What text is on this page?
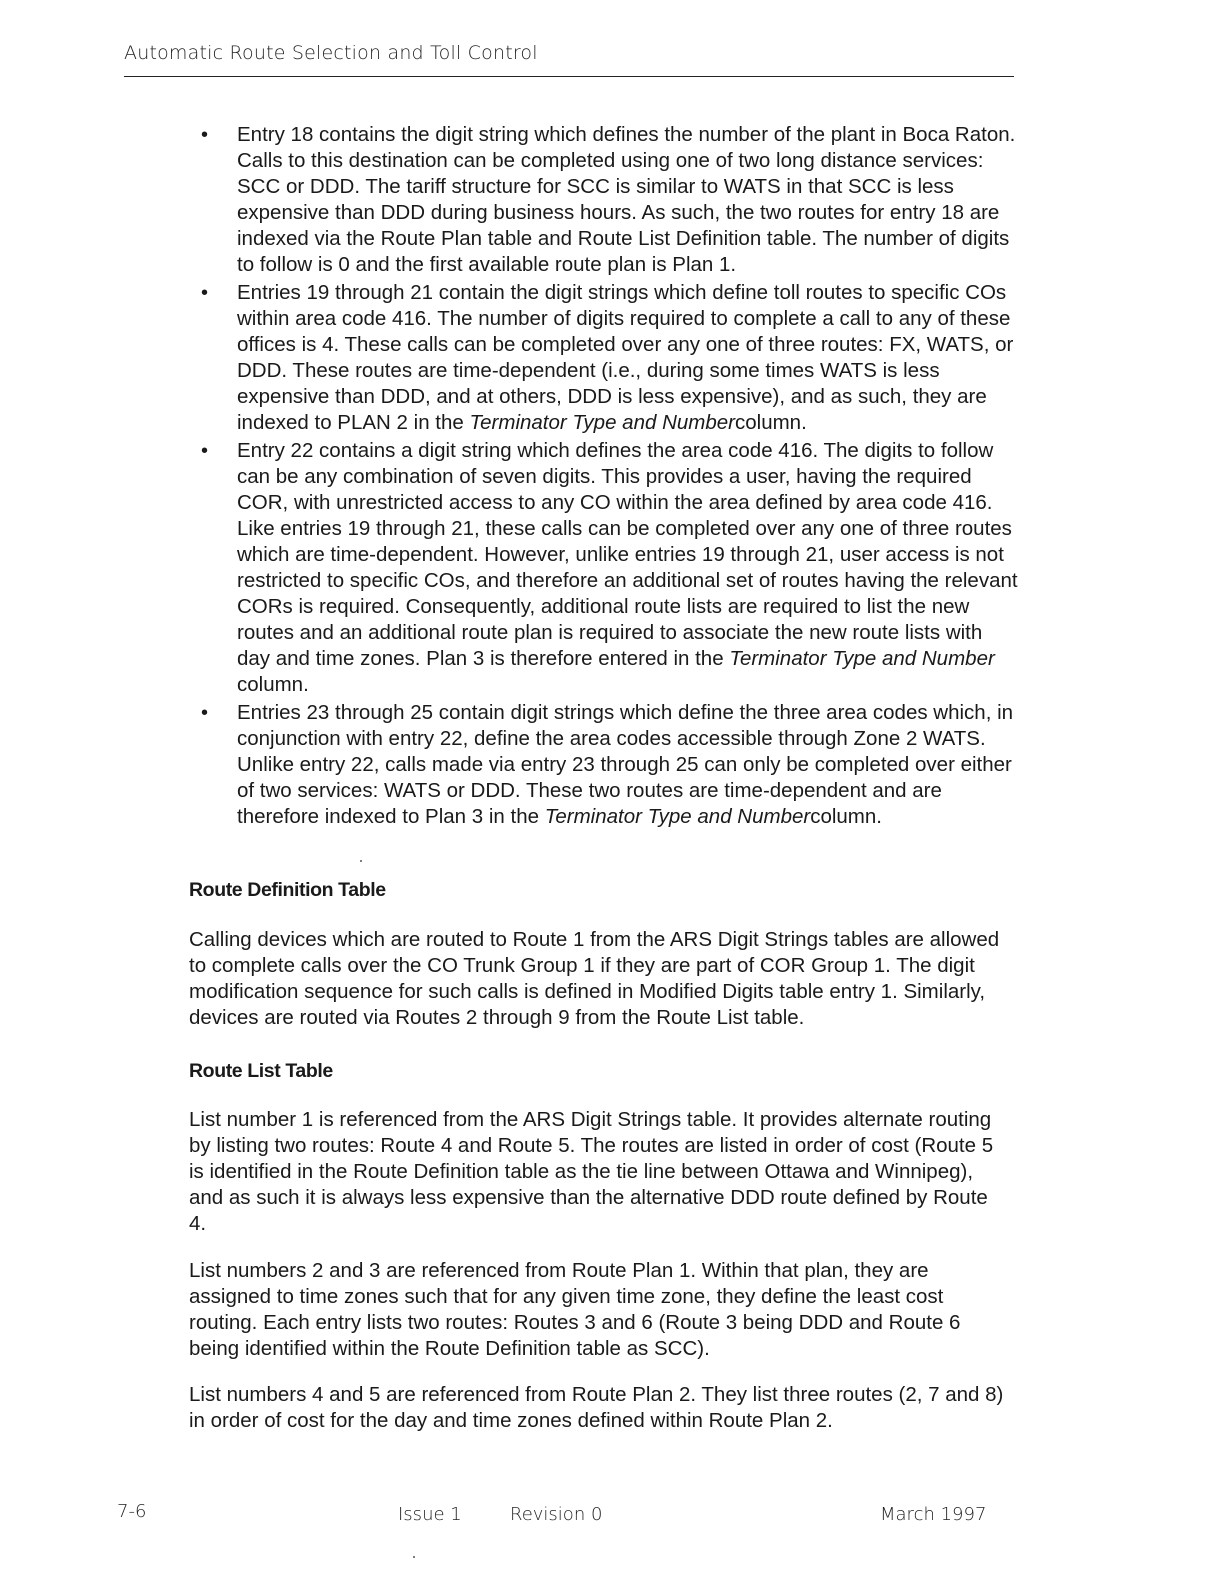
Automatic Route Selection and Toll Control
• Entry 18 contains the digit string which defines the number of the plant in Boca Raton. Calls to this destination can be completed using one of two long distance services: SCC or DDD. The tariff structure for SCC is similar to WATS in that SCC is less expensive than DDD during business hours. As such, the two routes for entry 18 are indexed via the Route Plan table and Route List Definition table. The number of digits to follow is 0 and the first available route plan is Plan 1.
• Entries 19 through 21 contain the digit strings which define toll routes to specific COs within area code 416. The number of digits required to complete a call to any of these offices is 4. These calls can be completed over any one of three routes: FX, WATS, or DDD. These routes are time-dependent (i.e., during some times WATS is less expensive than DDD, and at others, DDD is less expensive), and as such, they are indexed to PLAN 2 in the Terminator Type and Numbercolumn.
• Entry 22 contains a digit string which defines the area code 416. The digits to follow can be any combination of seven digits. This provides a user, having the required COR, with unrestricted access to any CO within the area defined by area code 416. Like entries 19 through 21, these calls can be completed over any one of three routes which are time-dependent. However, unlike entries 19 through 21, user access is not restricted to specific COs, and therefore an additional set of routes having the relevant CORs is required. Consequently, additional route lists are required to list the new routes and an additional route plan is required to associate the new route lists with day and time zones. Plan 3 is therefore entered in the Terminator Type and Number column.
• Entries 23 through 25 contain digit strings which define the three area codes which, in conjunction with entry 22, define the area codes accessible through Zone 2 WATS. Unlike entry 22, calls made via entry 23 through 25 can only be completed over either of two services: WATS or DDD. These two routes are time-dependent and are therefore indexed to Plan 3 in the Terminator Type and Numbercolumn.
Route Definition Table

Calling devices which are routed to Route 1 from the ARS Digit Strings tables are allowed to complete calls over the CO Trunk Group 1 if they are part of COR Group 1. The digit modification sequence for such calls is defined in Modified Digits table entry 1. Similarly, devices are routed via Routes 2 through 9 from the Route List table.

Route List Table

List number 1 is referenced from the ARS Digit Strings table. It provides alternate routing by listing two routes: Route 4 and Route 5. The routes are listed in order of cost (Route 5 is identified in the Route Definition table as the tie line between Ottawa and Winnipeg), and as such it is always less expensive than the alternative DDD route defined by Route 4.

List numbers 2 and 3 are referenced from Route Plan 1. Within that plan, they are assigned to time zones such that for any given time zone, they define the least cost routing. Each entry lists two routes: Routes 3 and 6 (Route 3 being DDD and Route 6 being identified within the Route Definition table as SCC).

List numbers 4 and 5 are referenced from Route Plan 2. They list three routes (2, 7 and 8) in order of cost for the day and time zones defined within Route Plan 2.

7-6	Issue 1	Revision 0	March 1997
